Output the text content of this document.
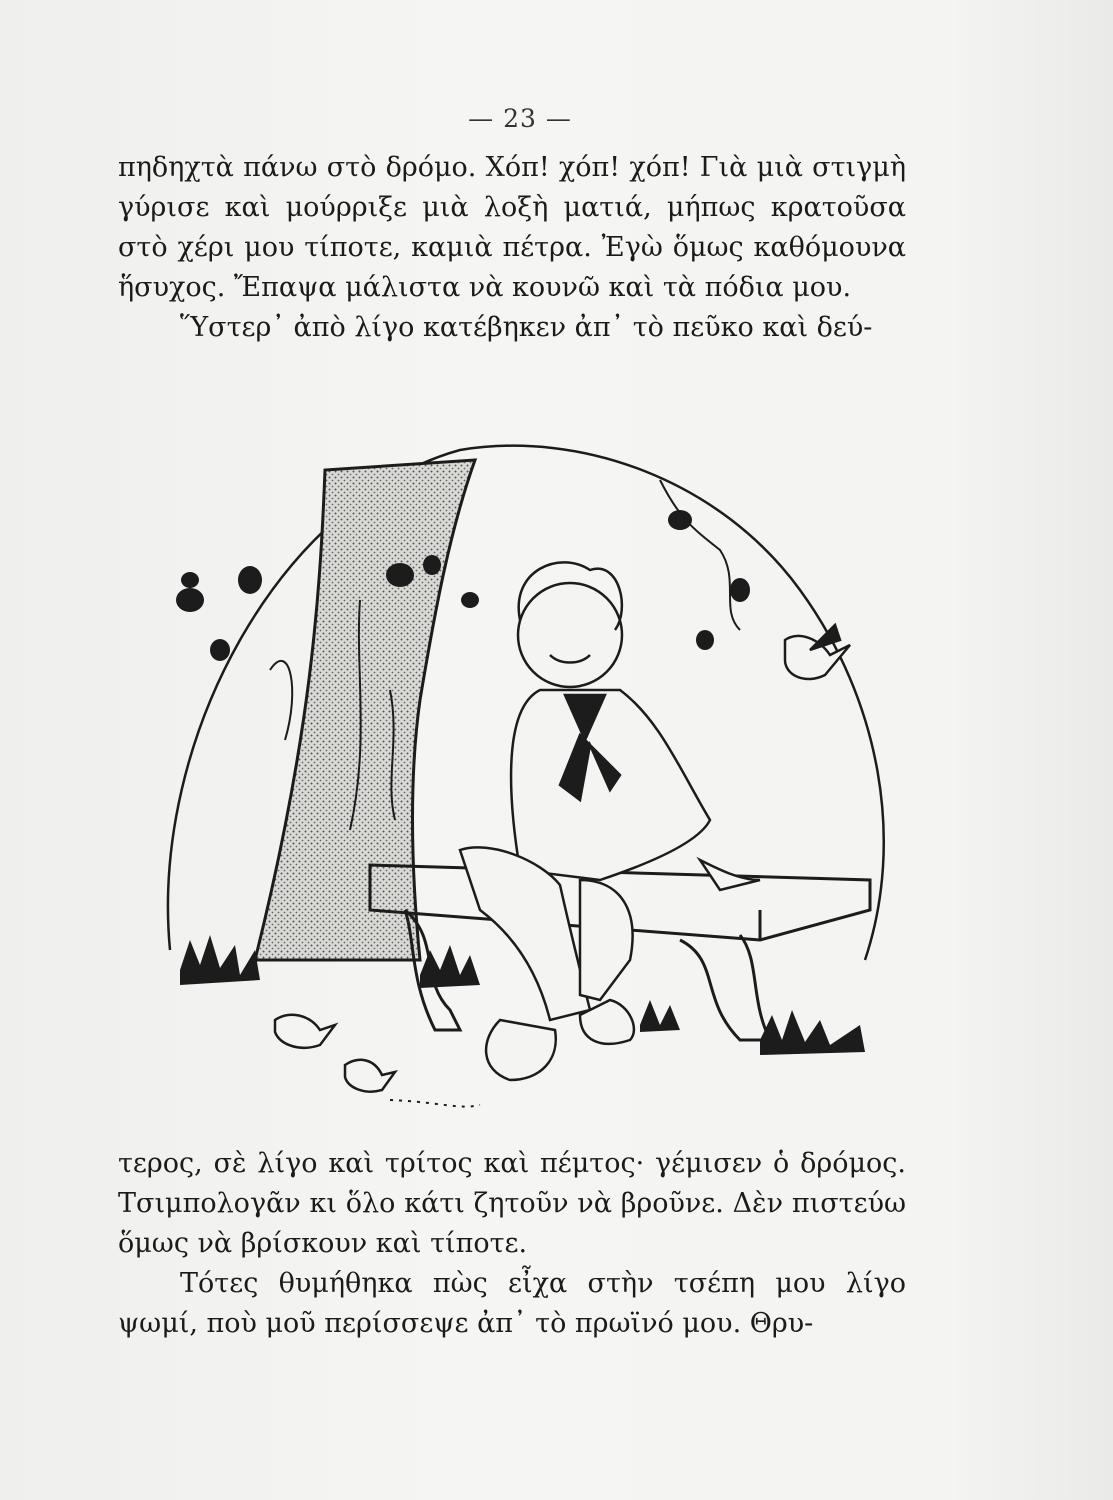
— 23 —

πηδηχτὰ πάνω στὸ δρόμο. Χόπ! χόπ! χόπ! Γιὰ μιὰ στιγμὴ γύρισε καὶ μούρριξε μιὰ λοξὴ ματιά, μήπως κρατοῦσα στὸ χέρι μου τίποτε, καμιὰ πέτρα. Ἐγὼ ὅμως καθόμουνα ἥσυχος. Ἔπαψα μάλιστα νὰ κουνῶ καὶ τὰ πόδια μου.

Ὕστερ᾽ ἀπὸ λίγο κατέβηκεν ἀπ᾽ τὸ πεῦκο καὶ δεύ-

τερος, σὲ λίγο καὶ τρίτος καὶ πέμτος· γέμισεν ὁ δρόμος. Τσιμπολογᾶν κι ὅλο κάτι ζητοῦν νὰ βροῦνε. Δὲν πιστεύω ὅμως νὰ βρίσκουν καὶ τίποτε.

Τότες θυμήθηκα πὼς εἶχα στὴν τσέπη μου λίγο ψωμί, ποὺ μοῦ περίσσεψε ἀπ᾽ τὸ πρωϊνό μου. Θρυ-
